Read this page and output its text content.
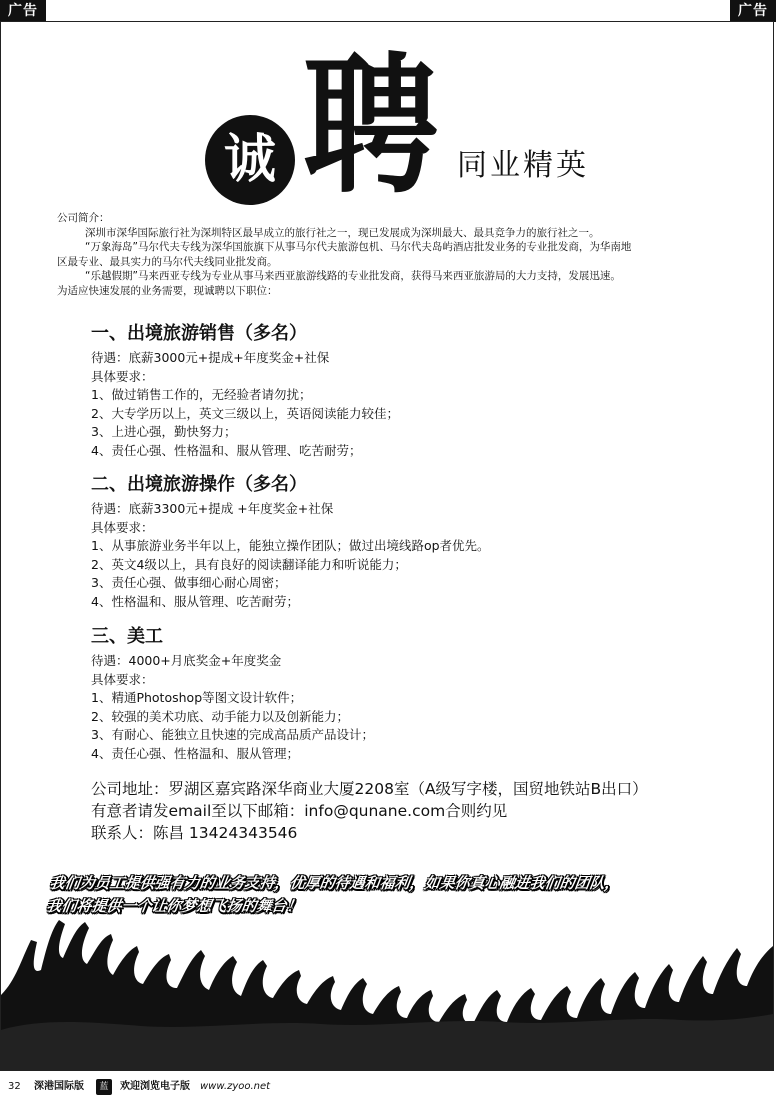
广告	广告
诚 聘 同业精英

公司简介：

深圳市深华国际旅行社为深圳特区最早成立的旅行社之一，现已发展成为深圳最大、最具竞争力的旅行社之一。

“万象海岛”马尔代夫专线为深华国旅旗下从事马尔代夫旅游包机、马尔代夫岛屿酒店批发业务的专业批发商，为华南地

区最专业、最具实力的马尔代夫线同业批发商。

“乐越假期”马来西亚专线为专业从事马来西亚旅游线路的专业批发商，获得马来西亚旅游局的大力支持，发展迅速。

为适应快速发展的业务需要，现诚聘以下职位：

一、出境旅游销售（多名）
待遇：底薪3000元+提成+年度奖金+社保
具体要求：
1、做过销售工作的，无经验者请勿扰；
2、大专学历以上，英文三级以上，英语阅读能力较佳；
3、上进心强，勤快努力；
4、责任心强、性格温和、服从管理、吃苦耐劳；
二、出境旅游操作（多名）
待遇：底薪3300元+提成 +年度奖金+社保
具体要求：
1、从事旅游业务半年以上，能独立操作团队；做过出境线路op者优先。
2、英文4级以上，具有良好的阅读翻译能力和听说能力；
3、责任心强、做事细心耐心周密；
4、性格温和、服从管理、吃苦耐劳；
三、美工
待遇：4000+月底奖金+年度奖金
具体要求：
1、精通Photoshop等图文设计软件；
2、较强的美术功底、动手能力以及创新能力；
3、有耐心、能独立且快速的完成高品质产品设计；
4、责任心强、性格温和、服从管理；
公司地址：罗湖区嘉宾路深华商业大厦2208室（A级写字楼，国贸地铁站B出口）
有意者请发email至以下邮箱：info@qunane.com合则约见
联系人：陈昌 13424343546
我们为员工提供强有力的业务支持，优厚的待遇和福利，如果你真心融进我们的团队，
我们将提供一个让你梦想飞扬的舞台！
32 深港国际版	蓝	欢迎浏览电子版 www.zyoo.net
